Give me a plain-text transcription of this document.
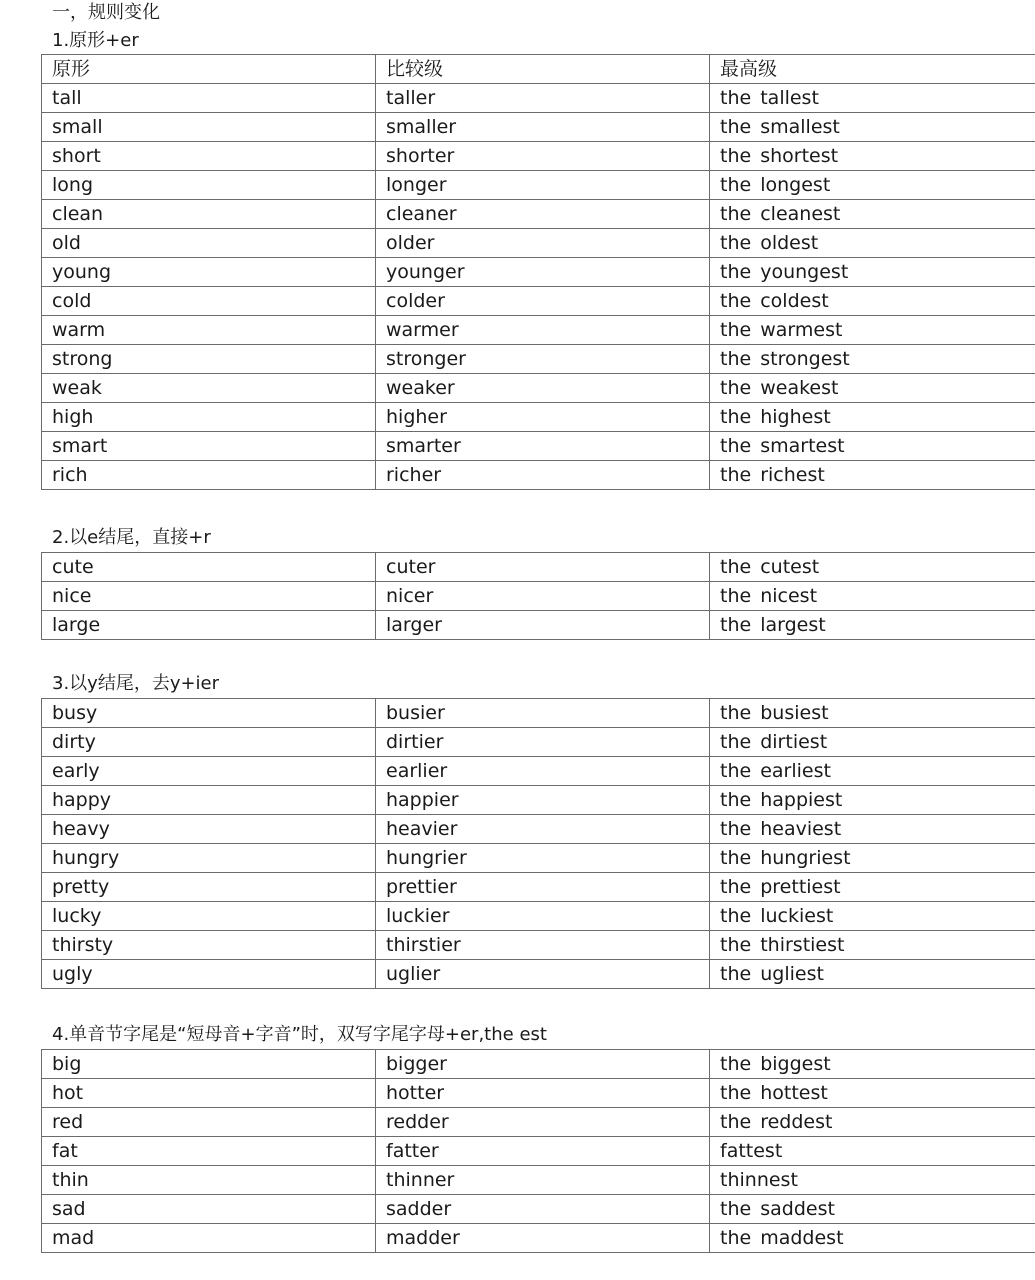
一，规则变化
1.原形+er
原形	比较级	最高级
tall	taller	the tallest
small	smaller	the smallest
short	shorter	the shortest
long	longer	the longest
clean	cleaner	the cleanest
old	older	the oldest
young	younger	the youngest
cold	colder	the coldest
warm	warmer	the warmest
strong	stronger	the strongest
weak	weaker	the weakest
high	higher	the highest
smart	smarter	the smartest
rich	richer	the richest
2.以e结尾，直接+r
cute	cuter	the cutest
nice	nicer	the nicest
large	larger	the largest
3.以y结尾，去y+ier
busy	busier	the busiest
dirty	dirtier	the dirtiest
early	earlier	the earliest
happy	happier	the happiest
heavy	heavier	the heaviest
hungry	hungrier	the hungriest
pretty	prettier	the prettiest
lucky	luckier	the luckiest
thirsty	thirstier	the thirstiest
ugly	uglier	the ugliest
4.单音节字尾是“短母音+字音”时，双写字尾字母+er,the est
big	bigger	the biggest
hot	hotter	the hottest
red	redder	the reddest
fat	fatter	fattest
thin	thinner	thinnest
sad	sadder	the saddest
mad	madder	the maddest
